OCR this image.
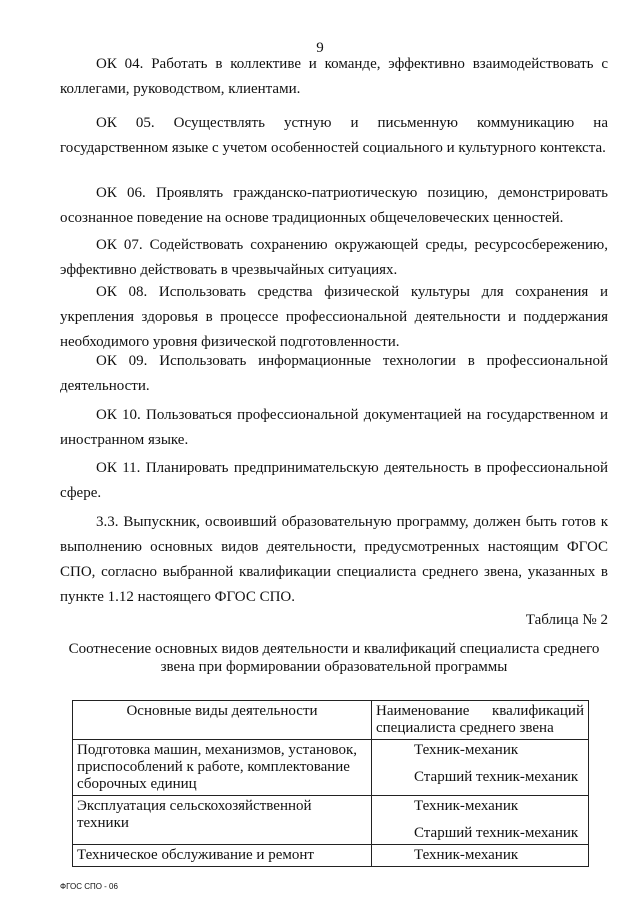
9

ОК 04. Работать в коллективе и команде, эффективно взаимодействовать с коллегами, руководством, клиентами.

ОК 05. Осуществлять устную и письменную коммуникацию на государственном языке с учетом особенностей социального и культурного контекста.

ОК 06. Проявлять гражданско-патриотическую позицию, демонстрировать осознанное поведение на основе традиционных общечеловеческих ценностей.

ОК 07. Содействовать сохранению окружающей среды, ресурсосбережению, эффективно действовать в чрезвычайных ситуациях.

ОК 08. Использовать средства физической культуры для сохранения и укрепления здоровья в процессе профессиональной деятельности и поддержания необходимого уровня физической подготовленности.

ОК 09. Использовать информационные технологии в профессиональной деятельности.

ОК 10. Пользоваться профессиональной документацией на государственном и иностранном языке.

ОК 11. Планировать предпринимательскую деятельность в профессиональной сфере.

3.3. Выпускник, освоивший образовательную программу, должен быть готов к выполнению основных видов деятельности, предусмотренных настоящим ФГОС СПО, согласно выбранной квалификации специалиста среднего звена, указанных в пункте 1.12 настоящего ФГОС СПО.

Таблица № 2
Соотнесение основных видов деятельности и квалификаций специалиста среднего звена при формировании образовательной программы
Основные виды деятельности	Наименование квалификаций специалиста среднего звена
Подготовка машин, механизмов, установок, приспособлений к работе, комплектование сборочных единиц	Техник-механик
Старший техник-механик

Эксплуатация сельскохозяйственной техники	Техник-механик
Старший техник-механик

Техническое обслуживание и ремонт	Техник-механик
ФГОС СПО - 06
